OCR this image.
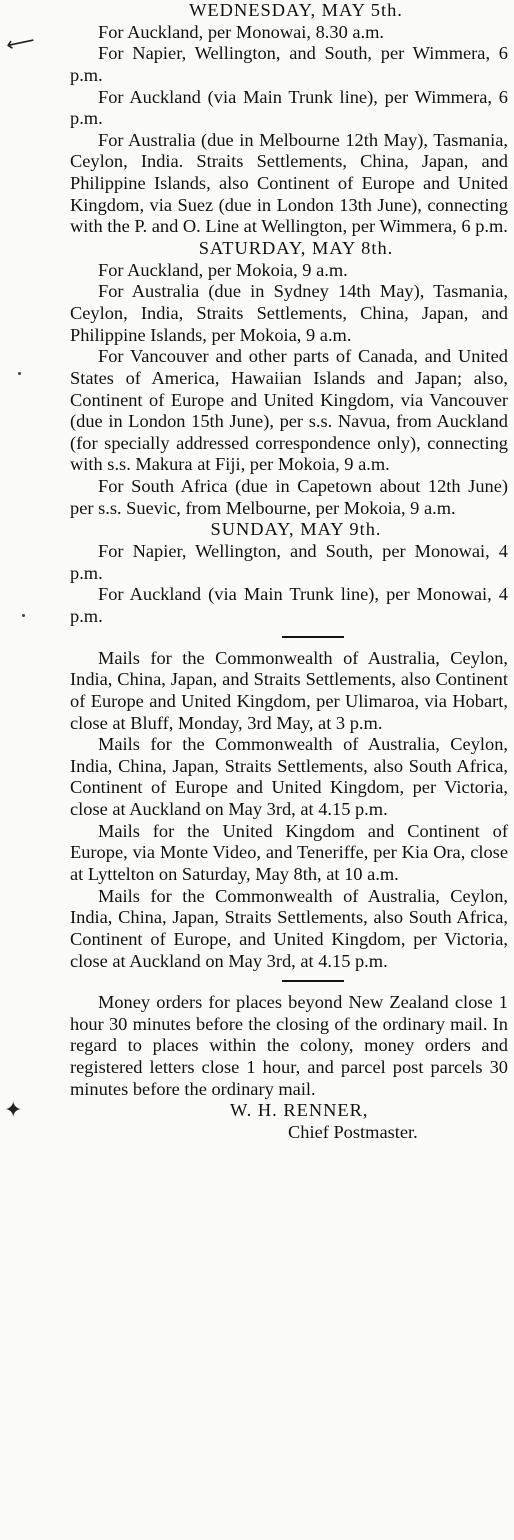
⟵
✦

WEDNESDAY, MAY 5th.

For Auckland, per Monowai, 8.30 a.m.

For Napier, Wellington, and South, per Wimmera, 6 p.m.

For Auckland (via Main Trunk line), per Wimmera, 6 p.m.

For Australia (due in Melbourne 12th May), Tasmania, Ceylon, India. Straits Settlements, China, Japan, and Philippine Islands, also Continent of Europe and United Kingdom, via Suez (due in London 13th June), connecting with the P. and O. Line at Wellington, per Wimmera, 6 p.m.

SATURDAY, MAY 8th.

For Auckland, per Mokoia, 9 a.m.

For Australia (due in Sydney 14th May), Tasmania, Ceylon, India, Straits Settlements, China, Japan, and Philippine Islands, per Mokoia, 9 a.m.

For Vancouver and other parts of Canada, and United States of America, Hawaiian Islands and Japan; also, Continent of Europe and United Kingdom, via Vancouver (due in London 15th June), per s.s. Navua, from Auckland (for specially addressed correspondence only), connecting with s.s. Makura at Fiji, per Mokoia, 9 a.m.

For South Africa (due in Capetown about 12th June) per s.s. Suevic, from Melbourne, per Mokoia, 9 a.m.

SUNDAY, MAY 9th.

For Napier, Wellington, and South, per Monowai, 4 p.m.

For Auckland (via Main Trunk line), per Monowai, 4 p.m.

Mails for the Commonwealth of Australia, Ceylon, India, China, Japan, and Straits Settlements, also Continent of Europe and United Kingdom, per Ulimaroa, via Hobart, close at Bluff, Monday, 3rd May, at 3 p.m.

Mails for the Commonwealth of Australia, Ceylon, India, China, Japan, Straits Settlements, also South Africa, Continent of Europe and United Kingdom, per Victoria, close at Auckland on May 3rd, at 4.15 p.m.

Mails for the United Kingdom and Continent of Europe, via Monte Video, and Teneriffe, per Kia Ora, close at Lyttelton on Saturday, May 8th, at 10 a.m.

Mails for the Commonwealth of Australia, Ceylon, India, China, Japan, Straits Settlements, also South Africa, Continent of Europe, and United Kingdom, per Victoria, close at Auckland on May 3rd, at 4.15 p.m.

Money orders for places beyond New Zealand close 1 hour 30 minutes before the closing of the ordinary mail. In regard to places within the colony, money orders and registered letters close 1 hour, and parcel post parcels 30 minutes before the ordinary mail.

W. H. RENNER,

Chief Postmaster.
